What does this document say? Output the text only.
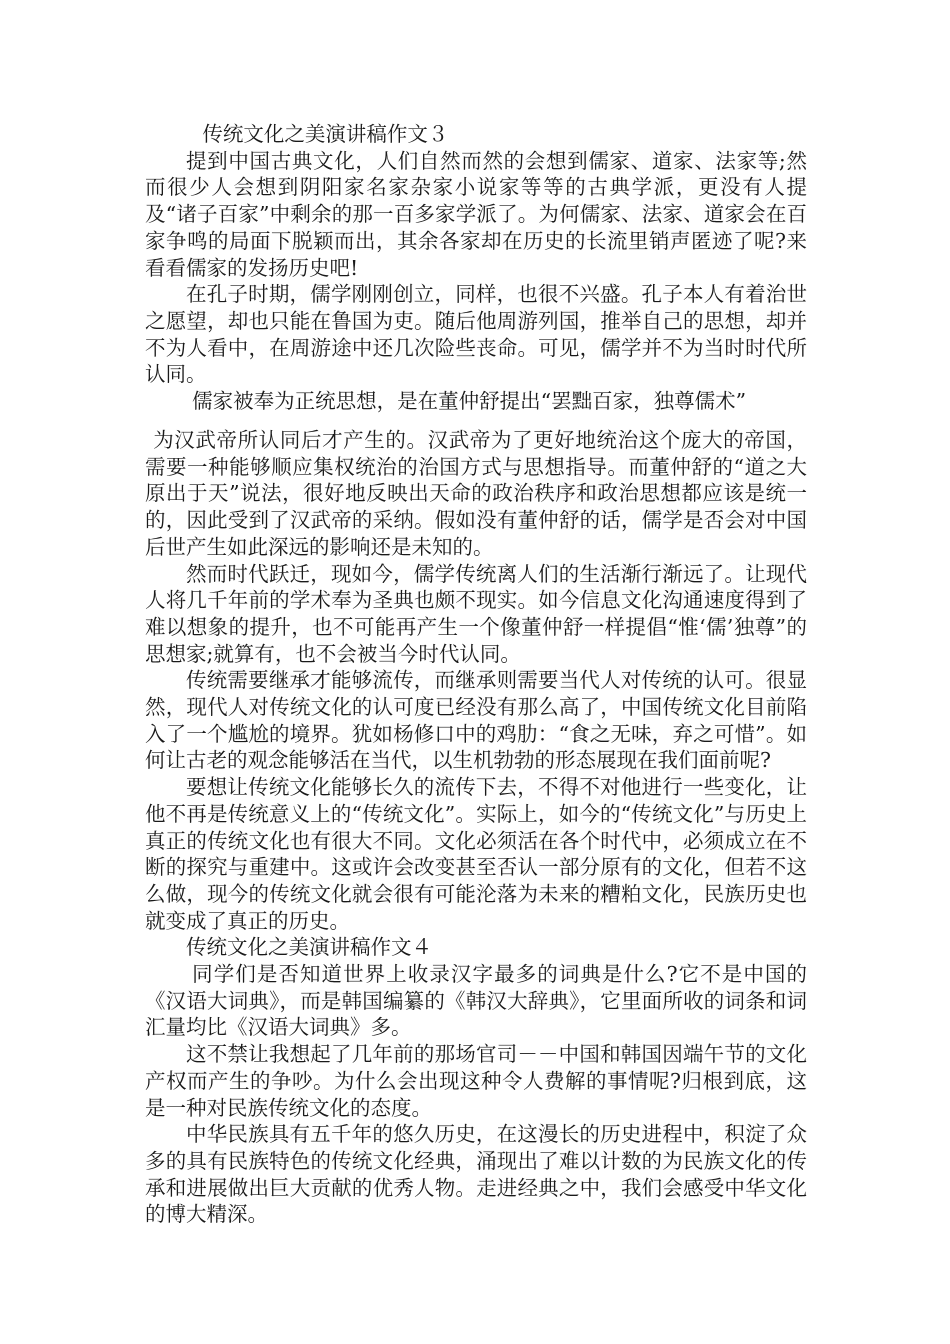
传统文化之美演讲稿作文３

提到中国古典文化，人们自然而然的会想到儒家、道家、法家等;然而很少人会想到阴阳家名家杂家小说家等等的古典学派，更没有人提及“诸子百家”中剩余的那一百多家学派了。为何儒家、法家、道家会在百家争鸣的局面下脱颖而出，其余各家却在历史的长流里销声匿迹了呢?来看看儒家的发扬历史吧!

在孔子时期，儒学刚刚创立，同样，也很不兴盛。孔子本人有着治世之愿望，却也只能在鲁国为吏。随后他周游列国，推举自己的思想，却并不为人看中，在周游途中还几次险些丧命。可见，儒学并不为当时时代所认同。

儒家被奉为正统思想，是在董仲舒提出“罢黜百家，独尊儒术”

为汉武帝所认同后才产生的。汉武帝为了更好地统治这个庞大的帝国，需要一种能够顺应集权统治的治国方式与思想指导。而董仲舒的“道之大原出于天”说法，很好地反映出天命的政治秩序和政治思想都应该是统一的，因此受到了汉武帝的采纳。假如没有董仲舒的话，儒学是否会对中国后世产生如此深远的影响还是未知的。

然而时代跃迁，现如今，儒学传统离人们的生活渐行渐远了。让现代人将几千年前的学术奉为圣典也颇不现实。如今信息文化沟通速度得到了难以想象的提升，也不可能再产生一个像董仲舒一样提倡“惟‘儒’独尊”的思想家;就算有，也不会被当今时代认同。

传统需要继承才能够流传，而继承则需要当代人对传统的认可。很显然，现代人对传统文化的认可度已经没有那么高了，中国传统文化目前陷入了一个尴尬的境界。犹如杨修口中的鸡肋：“食之无味，弃之可惜”。如何让古老的观念能够活在当代，以生机勃勃的形态展现在我们面前呢?

要想让传统文化能够长久的流传下去，不得不对他进行一些变化，让他不再是传统意义上的“传统文化”。实际上，如今的“传统文化”与历史上真正的传统文化也有很大不同。文化必须活在各个时代中，必须成立在不断的探究与重建中。这或许会改变甚至否认一部分原有的文化，但若不这么做，现今的传统文化就会很有可能沦落为未来的糟粕文化，民族历史也就变成了真正的历史。

传统文化之美演讲稿作文４

同学们是否知道世界上收录汉字最多的词典是什么?它不是中国的《汉语大词典》，而是韩国编纂的《韩汉大辞典》，它里面所收的词条和词汇量均比《汉语大词典》多。

这不禁让我想起了几年前的那场官司－－中国和韩国因端午节的文化产权而产生的争吵。为什么会出现这种令人费解的事情呢?归根到底，这是一种对民族传统文化的态度。

中华民族具有五千年的悠久历史，在这漫长的历史进程中，积淀了众多的具有民族特色的传统文化经典，涌现出了难以计数的为民族文化的传承和进展做出巨大贡献的优秀人物。走进经典之中，我们会感受中华文化的博大精深。
